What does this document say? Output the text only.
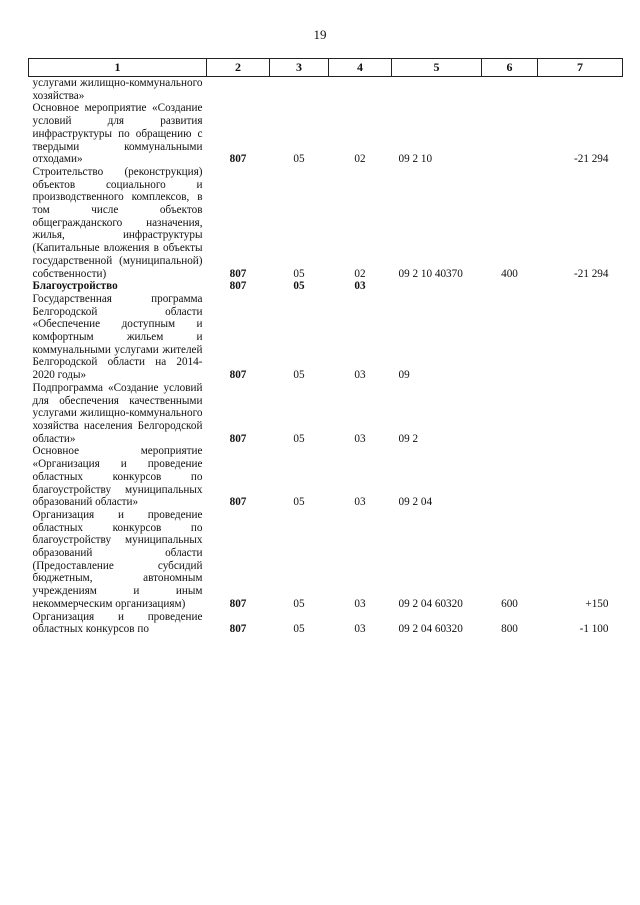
19
1	2	3	4	5	6	7
услугами жилищно-коммунального хозяйства»						
Основное мероприятие «Создание условий для развития инфраструктуры по обращению с твердыми коммунальными отходами»	807	05	02	09 2 10		-21 294
Строительство (реконструкция) объектов социального и производственного комплексов, в том числе объектов общегражданского назначения, жилья, инфраструктуры (Капитальные вложения в объекты государственной (муниципальной) собственности)	807	05	02	09 2 10 40370	400	-21 294
Благоустройство	807	05	03			
Государственная программа Белгородской области «Обеспечение доступным и комфортным жильем и коммунальными услугами жителей Белгородской области на 2014-2020 годы»	807	05	03	09		
Подпрограмма «Создание условий для обеспечения качественными услугами жилищно-коммунального хозяйства населения Белгородской области»	807	05	03	09 2		
Основное мероприятие «Организация и проведение областных конкурсов по благоустройству муниципальных образований области»	807	05	03	09 2 04		
Организация и проведение областных конкурсов по благоустройству муниципальных образований области (Предоставление субсидий бюджетным, автономным учреждениям и иным некоммерческим организациям)	807	05	03	09 2 04 60320	600	+150
Организация и проведение областных конкурсов по	807	05	03	09 2 04 60320	800	-1 100
